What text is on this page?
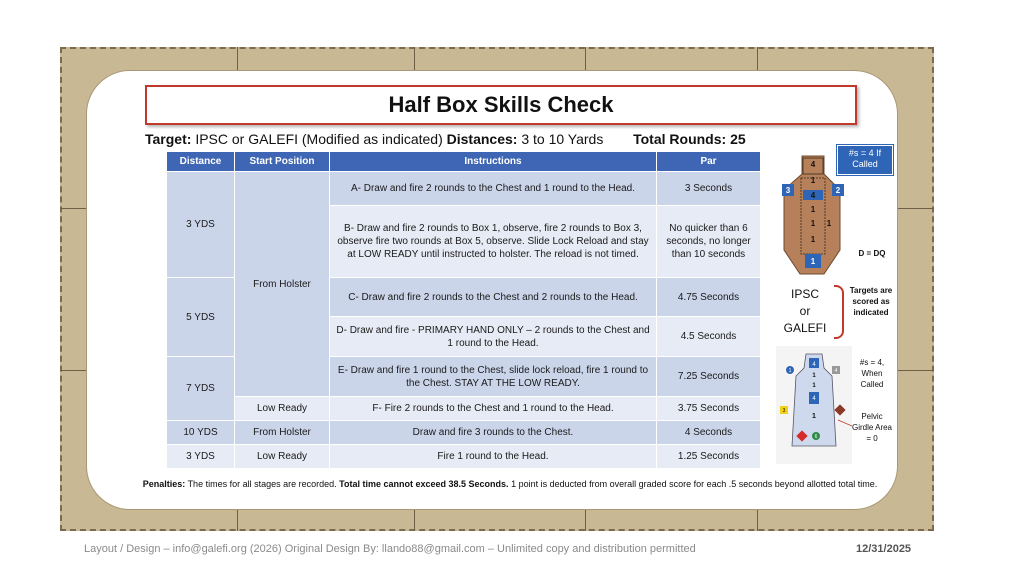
Half Box Skills Check
Target: IPSC or GALEFI (Modified as indicated) Distances: 3 to 10 Yards Total Rounds: 25
Distance	Start Position	Instructions	Par
3 YDS	From Holster	A- Draw and fire 2 rounds to the Chest and 1 round to the Head.	3 Seconds
		B- Draw and fire 2 rounds to Box 1, observe, fire 2 rounds to Box 3, observe fire two rounds at Box 5, observe. Slide Lock Reload and stay at LOW READY until instructed to holster. The reload is not timed.	No quicker than 6 seconds, no longer than 10 seconds
5 YDS		C- Draw and fire 2 rounds to the Chest and 2 rounds to the Head.	4.75 Seconds
		D- Draw and fire - PRIMARY HAND ONLY – 2 rounds to the Chest and 1 round to the Head.	4.5 Seconds
7 YDS		E- Draw and fire 1 round to the Chest, slide lock reload, fire 1 round to the Chest. STAY AT THE LOW READY.	7.25 Seconds
	Low Ready	F- Fire 2 rounds to the Chest and 1 round to the Head.	3.75 Seconds
10 YDS	From Holster	Draw and fire 3 rounds to the Chest.	4 Seconds
3 YDS	Low Ready	Fire 1 round to the Head.	1.25 Seconds
4
1
4
1
1 1
1
3	2
1
#s = 4 If Called
D = DQ
IPSC
or
GALEFI
Targets are scored as indicated
4
1
1
4
1
1
3
4
6
#s = 4, When Called
Pelvic Girdle Area = 0
Penalties: The times for all stages are recorded. Total time cannot exceed 38.5 Seconds. 1 point is deducted from overall graded score for each .5 seconds beyond allotted total time.
Layout / Design – info@galefi.org (2026) Original Design By: llando88@gmail.com – Unlimited copy and distribution permitted	12/31/2025
